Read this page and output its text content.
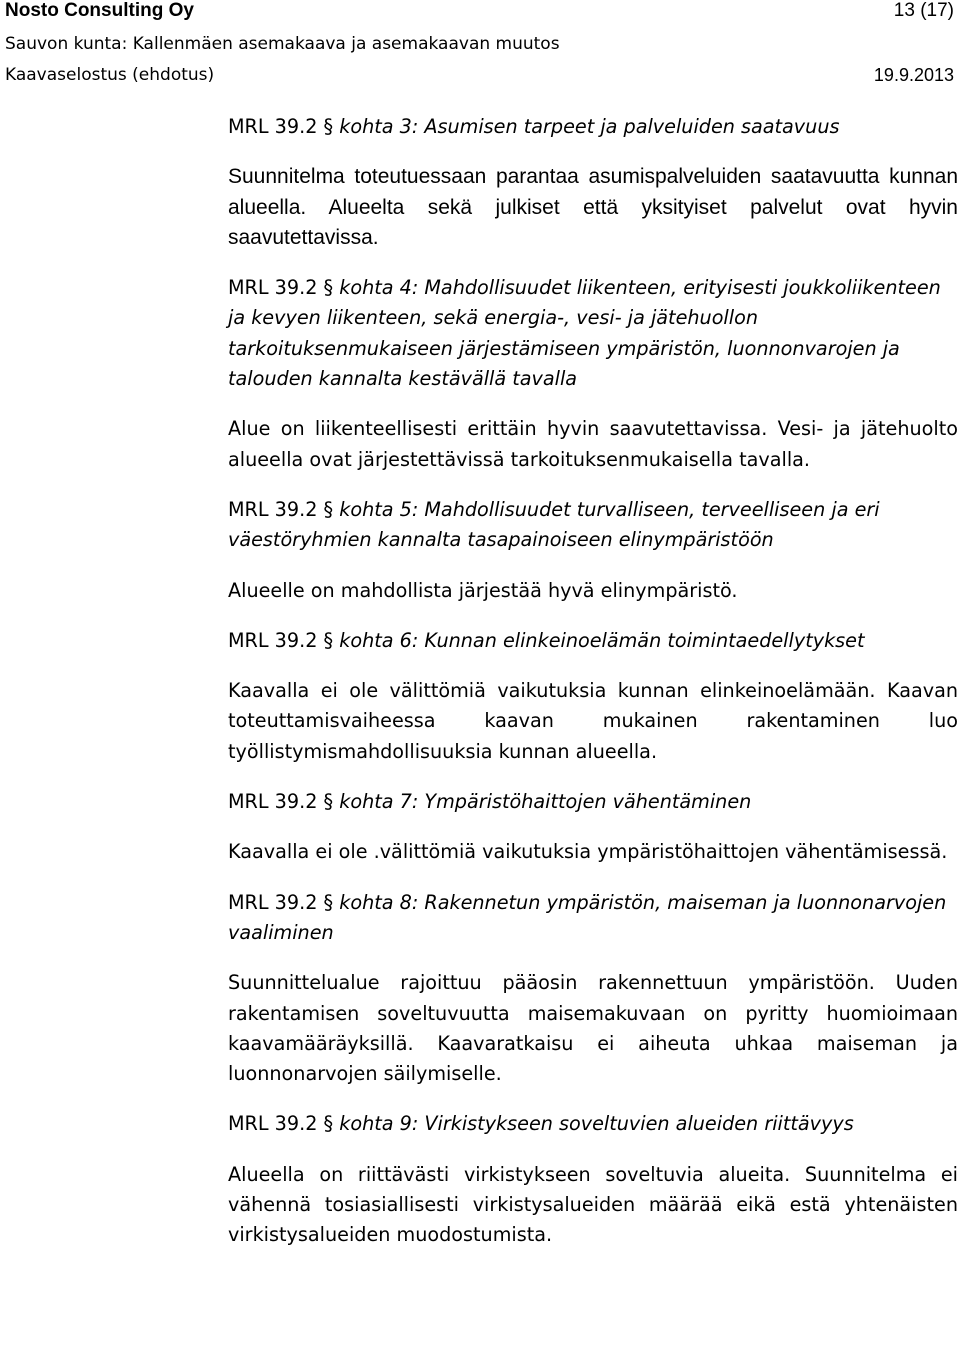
Nosto Consulting Oy	13 (17)
Sauvon kunta: Kallenmäen asemakaava ja asemakaavan muutos
Kaavaselostus (ehdotus)	19.9.2013
MRL 39.2 § kohta 3: Asumisen tarpeet ja palveluiden saatavuus
Suunnitelma toteutuessaan parantaa asumispalveluiden saatavuutta kunnan alueella. Alueelta sekä julkiset että yksityiset palvelut ovat hyvin saavutettavissa.
MRL 39.2 § kohta 4: Mahdollisuudet liikenteen, erityisesti joukkoliikenteen ja kevyen liikenteen, sekä energia-, vesi- ja jätehuollon tarkoituksenmukaiseen järjestämiseen ympäristön, luonnonvarojen ja talouden kannalta kestävällä tavalla
Alue on liikenteellisesti erittäin hyvin saavutettavissa. Vesi- ja jätehuolto alueella ovat järjestettävissä tarkoituksenmukaisella tavalla.
MRL 39.2 § kohta 5: Mahdollisuudet turvalliseen, terveelliseen ja eri väestöryhmien kannalta tasapainoiseen elinympäristöön
Alueelle on mahdollista järjestää hyvä elinympäristö.
MRL 39.2 § kohta 6: Kunnan elinkeinoelämän toimintaedellytykset
Kaavalla ei ole välittömiä vaikutuksia kunnan elinkeinoelämään. Kaavan toteuttamisvaiheessa kaavan mukainen rakentaminen luo työllistymismahdollisuuksia kunnan alueella.
MRL 39.2 § kohta 7: Ympäristöhaittojen vähentäminen
Kaavalla ei ole .välittömiä vaikutuksia ympäristöhaittojen vähentämisessä.
MRL 39.2 § kohta 8: Rakennetun ympäristön, maiseman ja luonnonarvojen vaaliminen
Suunnittelualue rajoittuu pääosin rakennettuun ympäristöön. Uuden rakentamisen soveltuvuutta maisemakuvaan on pyritty huomioimaan kaavamääräyksillä. Kaavaratkaisu ei aiheuta uhkaa maiseman ja luonnonarvojen säilymiselle.
MRL 39.2 § kohta 9: Virkistykseen soveltuvien alueiden riittävyys
Alueella on riittävästi virkistykseen soveltuvia alueita. Suunnitelma ei vähennä tosiasiallisesti virkistysalueiden määrää eikä estä yhtenäisten virkistysalueiden muodostumista.
